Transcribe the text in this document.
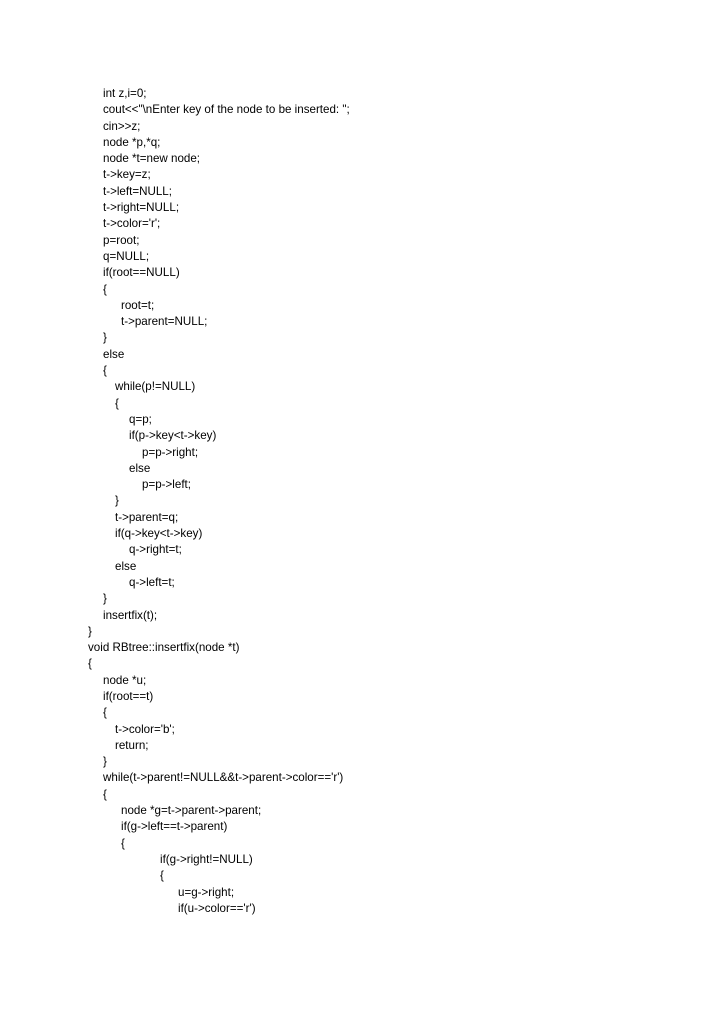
int z,i=0;
cout<<"\nEnter key of the node to be inserted: ";
cin>>z;
node *p,*q;
node *t=new node;
t->key=z;
t->left=NULL;
t->right=NULL;
t->color='r';
p=root;
q=NULL;
if(root==NULL)
{
root=t;
t->parent=NULL;
}
else
{
while(p!=NULL)
{
q=p;
if(p->key<t->key)
p=p->right;
else
p=p->left;
}
t->parent=q;
if(q->key<t->key)
q->right=t;
else
q->left=t;
}
insertfix(t);
}
void RBtree::insertfix(node *t)
{
node *u;
if(root==t)
{
t->color='b';
return;
}
while(t->parent!=NULL&&t->parent->color=='r')
{
node *g=t->parent->parent;
if(g->left==t->parent)
{
if(g->right!=NULL)
{
u=g->right;
if(u->color=='r')
